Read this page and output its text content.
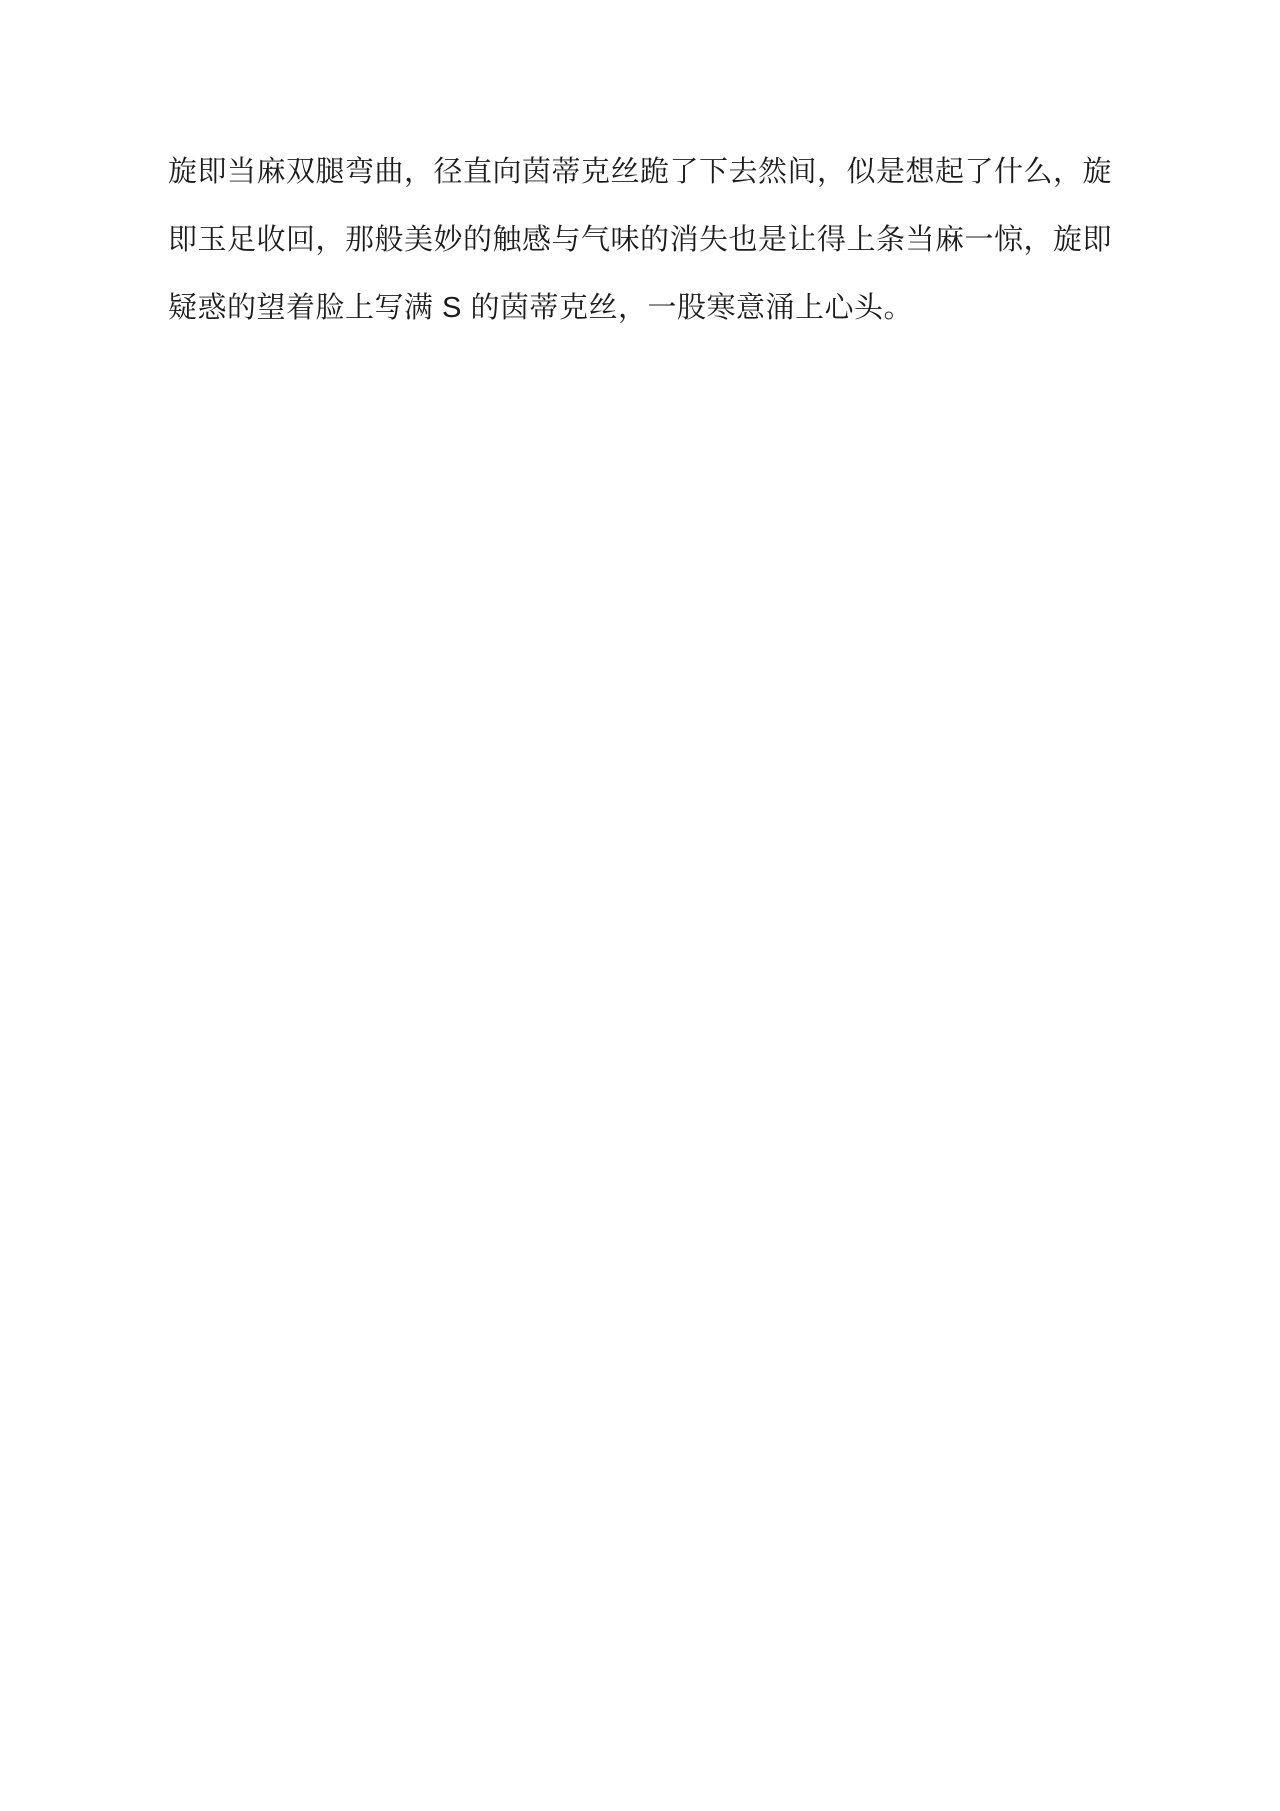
旋即当麻双腿弯曲，径直向茵蒂克丝跪了下去然间，似是想起了什么，旋即玉足收回，那般美妙的触感与气味的消失也是让得上条当麻一惊，旋即疑惑的望着脸上写满 S 的茵蒂克丝，一股寒意涌上心头。
